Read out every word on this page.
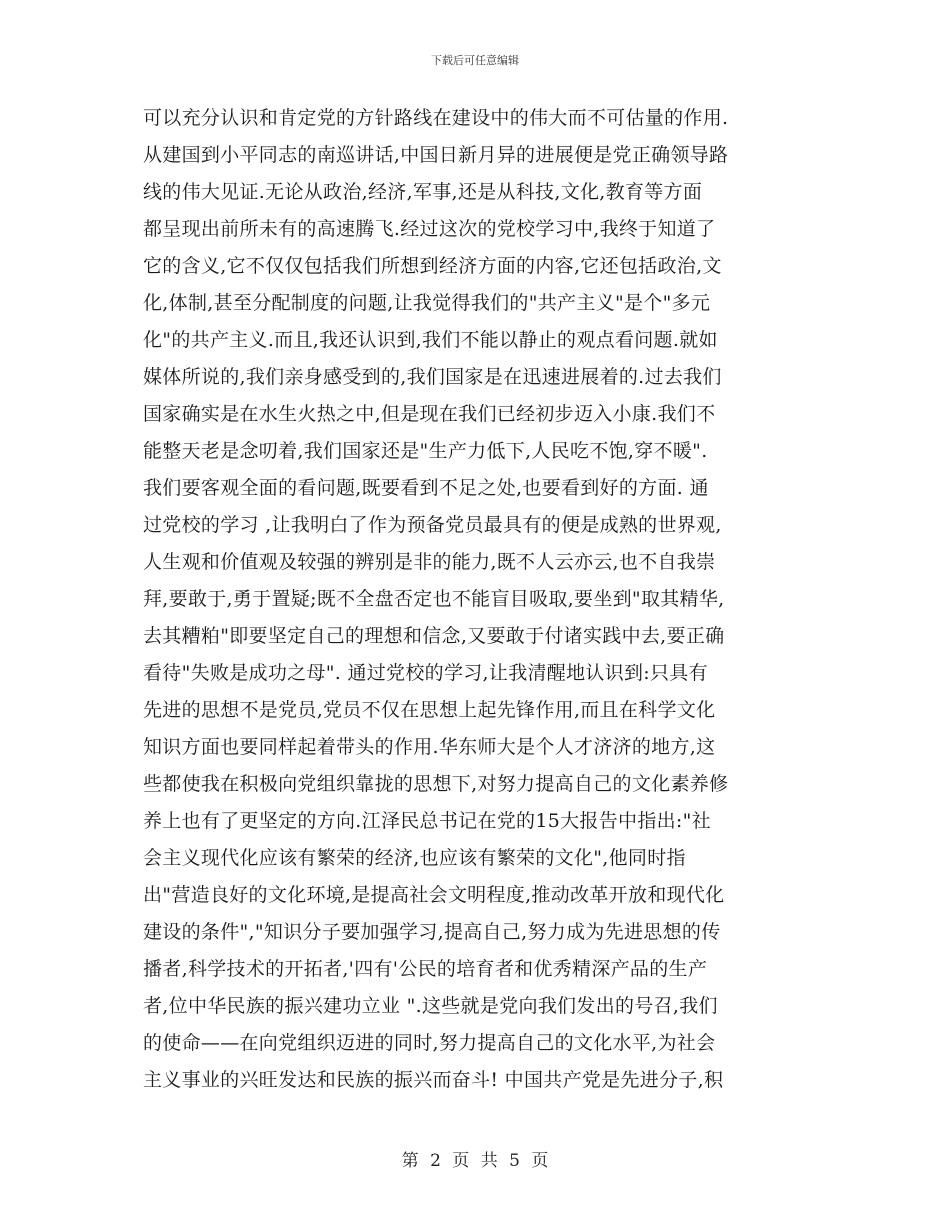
下载后可任意编辑
可以充分认识和肯定党的方针路线在建设中的伟大而不可估量的作用.
从建国到小平同志的南巡讲话,中国日新月异的进展便是党正确领导路
线的伟大见证.无论从政治,经济,军事,还是从科技,文化,教育等方面
都呈现出前所未有的高速腾飞.经过这次的党校学习中,我终于知道了
它的含义,它不仅仅包括我们所想到经济方面的内容,它还包括政治,文
化,体制,甚至分配制度的问题,让我觉得我们的"共产主义"是个"多元
化"的共产主义.而且,我还认识到,我们不能以静止的观点看问题.就如
媒体所说的,我们亲身感受到的,我们国家是在迅速进展着的.过去我们
国家确实是在水生火热之中,但是现在我们已经初步迈入小康.我们不
能整天老是念叨着,我们国家还是"生产力低下,人民吃不饱,穿不暖".
我们要客观全面的看问题,既要看到不足之处,也要看到好的方面. 通
过党校的学习 ,让我明白了作为预备党员最具有的便是成熟的世界观,
人生观和价值观及较强的辨别是非的能力,既不人云亦云,也不自我崇
拜,要敢于,勇于置疑;既不全盘否定也不能盲目吸取,要坐到"取其精华,
去其糟粕"即要坚定自己的理想和信念,又要敢于付诸实践中去,要正确
看待"失败是成功之母". 通过党校的学习,让我清醒地认识到:只具有
先进的思想不是党员,党员不仅在思想上起先锋作用,而且在科学文化
知识方面也要同样起着带头的作用.华东师大是个人才济济的地方,这
些都使我在积极向党组织靠拢的思想下,对努力提高自己的文化素养修
养上也有了更坚定的方向.江泽民总书记在党的15大报告中指出:"社
会主义现代化应该有繁荣的经济,也应该有繁荣的文化",他同时指
出"营造良好的文化环境,是提高社会文明程度,推动改革开放和现代化
建设的条件","知识分子要加强学习,提高自己,努力成为先进思想的传
播者,科学技术的开拓者,'四有'公民的培育者和优秀精深产品的生产
者,位中华民族的振兴建功立业 ".这些就是党向我们发出的号召,我们
的使命——在向党组织迈进的同时,努力提高自己的文化水平,为社会
主义事业的兴旺发达和民族的振兴而奋斗! 中国共产党是先进分子,积
第 2 页 共 5 页
